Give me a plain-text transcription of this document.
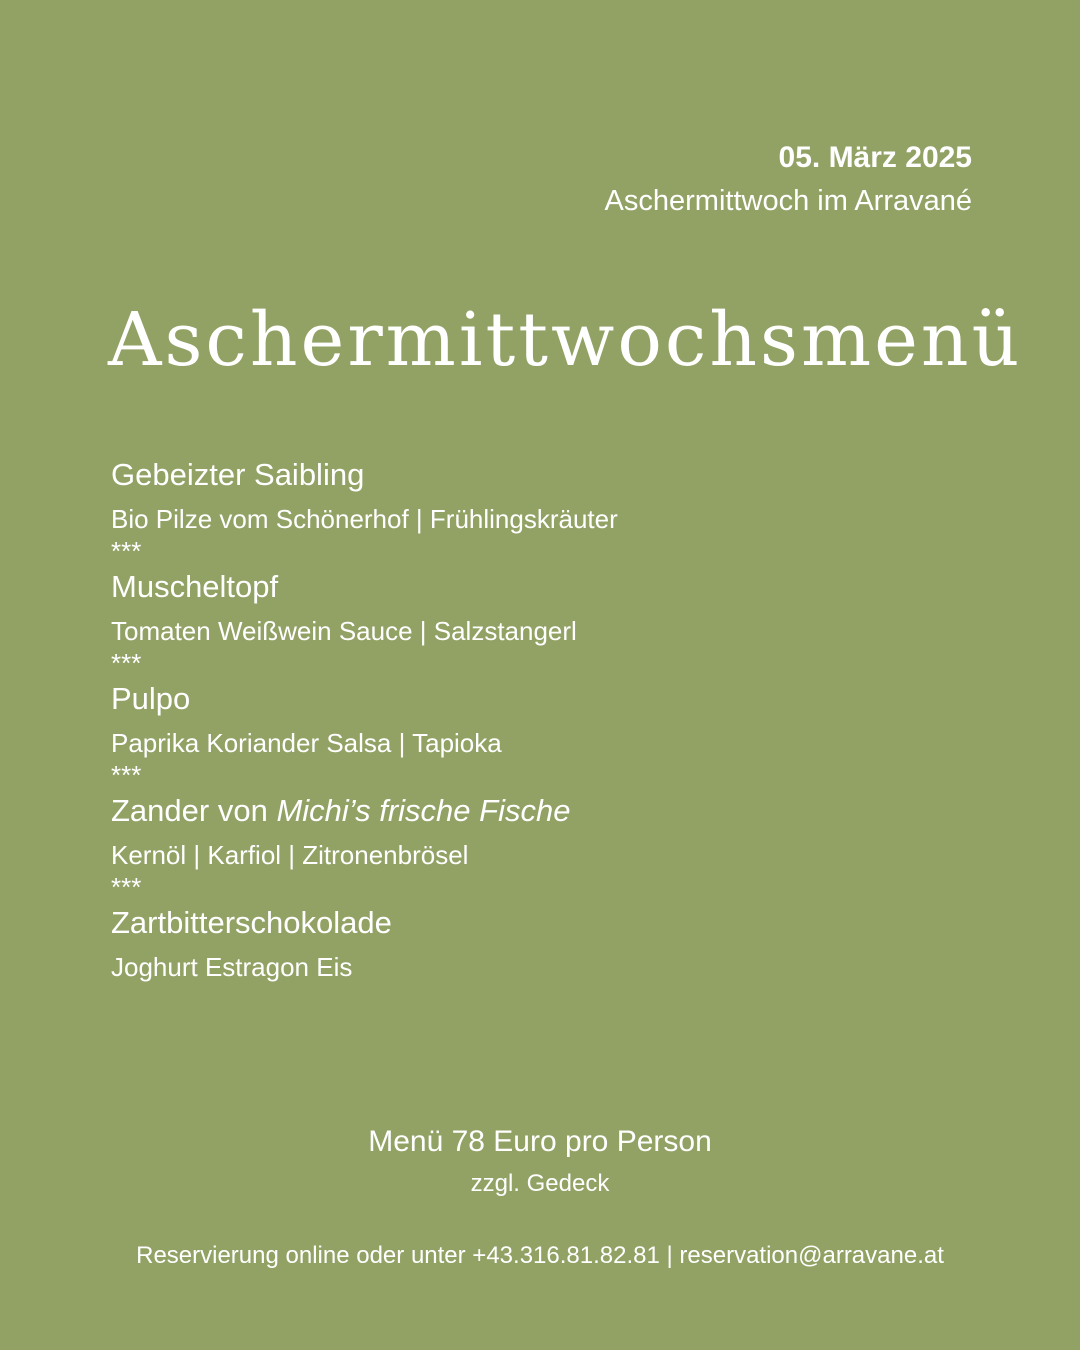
05. März 2025
Aschermittwoch im Arravané
Aschermittwochsmenü
Gebeizter Saibling
Bio Pilze vom Schönerhof | Frühlingskräuter
***
Muscheltopf
Tomaten Weißwein Sauce | Salzstangerl
***
Pulpo
Paprika Koriander Salsa | Tapioka
***
Zander von Michi’s frische Fische
Kernöl | Karfiol | Zitronenbrösel
***
Zartbitterschokolade
Joghurt Estragon Eis
Menü 78 Euro pro Person
zzgl. Gedeck
Reservierung online oder unter +43.316.81.82.81 | reservation@arravane.at
